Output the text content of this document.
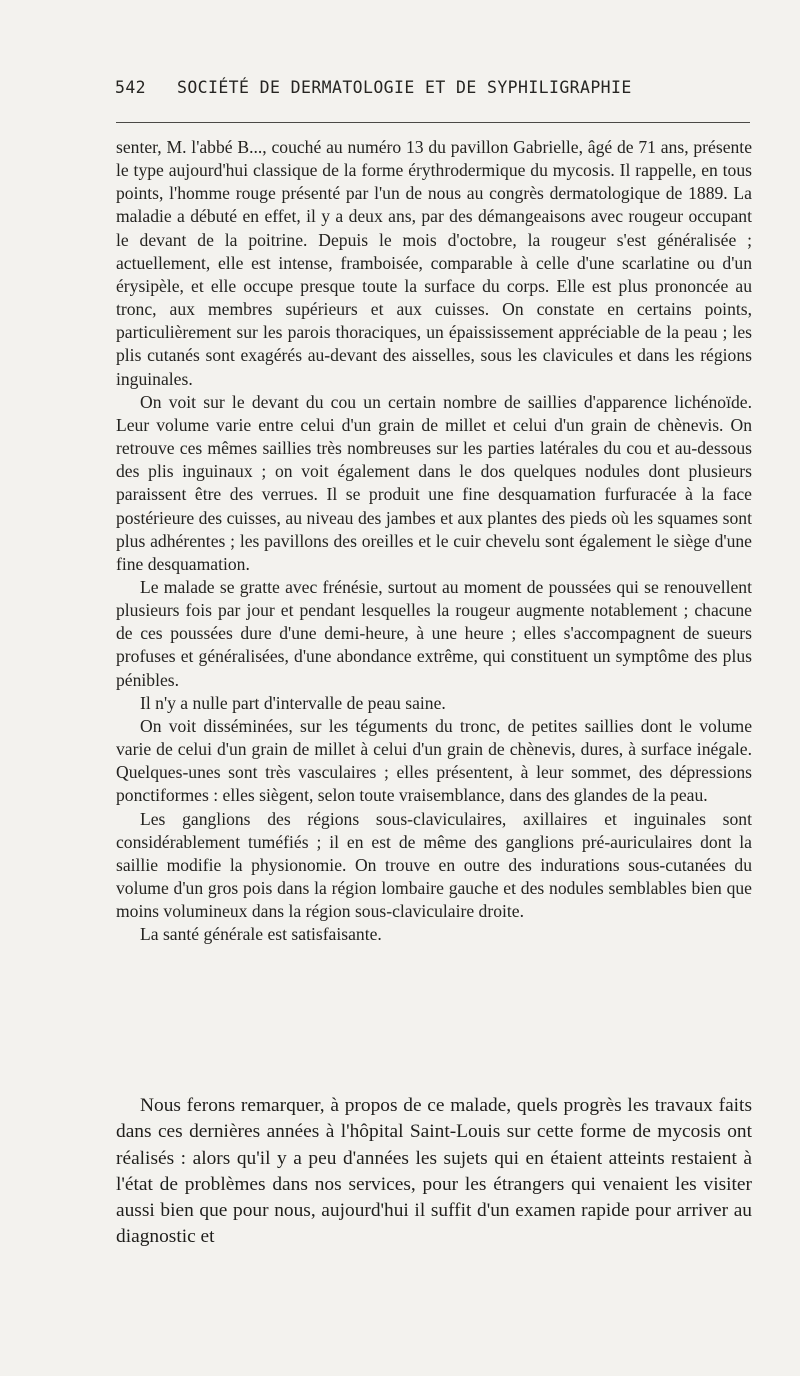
542 SOCIÉTÉ DE DERMATOLOGIE ET DE SYPHILIGRAPHIE

senter, M. l'abbé B..., couché au numéro 13 du pavillon Gabrielle, âgé de 71 ans, présente le type aujourd'hui classique de la forme érythrodermique du mycosis. Il rappelle, en tous points, l'homme rouge présenté par l'un de nous au congrès dermatologique de 1889. La maladie a débuté en effet, il y a deux ans, par des démangeaisons avec rougeur occupant le devant de la poitrine. Depuis le mois d'octobre, la rougeur s'est généralisée ; actuellement, elle est intense, framboisée, comparable à celle d'une scarlatine ou d'un érysipèle, et elle occupe presque toute la surface du corps. Elle est plus prononcée au tronc, aux membres supérieurs et aux cuisses. On constate en certains points, particulièrement sur les parois thoraciques, un épaississement appréciable de la peau ; les plis cutanés sont exagérés au-devant des aisselles, sous les clavicules et dans les régions inguinales.

On voit sur le devant du cou un certain nombre de saillies d'apparence lichénoïde. Leur volume varie entre celui d'un grain de millet et celui d'un grain de chènevis. On retrouve ces mêmes saillies très nombreuses sur les parties latérales du cou et au-dessous des plis inguinaux ; on voit également dans le dos quelques nodules dont plusieurs paraissent être des verrues. Il se produit une fine desquamation furfuracée à la face postérieure des cuisses, au niveau des jambes et aux plantes des pieds où les squames sont plus adhérentes ; les pavillons des oreilles et le cuir chevelu sont également le siège d'une fine desquamation.

Le malade se gratte avec frénésie, surtout au moment de poussées qui se renouvellent plusieurs fois par jour et pendant lesquelles la rougeur augmente notablement ; chacune de ces poussées dure d'une demi-heure, à une heure ; elles s'accompagnent de sueurs profuses et généralisées, d'une abondance extrême, qui constituent un symptôme des plus pénibles.

Il n'y a nulle part d'intervalle de peau saine.

On voit disséminées, sur les téguments du tronc, de petites saillies dont le volume varie de celui d'un grain de millet à celui d'un grain de chènevis, dures, à surface inégale. Quelques-unes sont très vasculaires ; elles présentent, à leur sommet, des dépressions ponctiformes : elles siègent, selon toute vraisemblance, dans des glandes de la peau.

Les ganglions des régions sous-claviculaires, axillaires et inguinales sont considérablement tuméfiés ; il en est de même des ganglions pré-auriculaires dont la saillie modifie la physionomie. On trouve en outre des indurations sous-cutanées du volume d'un gros pois dans la région lombaire gauche et des nodules semblables bien que moins volumineux dans la région sous-claviculaire droite.

La santé générale est satisfaisante.

Nous ferons remarquer, à propos de ce malade, quels progrès les travaux faits dans ces dernières années à l'hôpital Saint-Louis sur cette forme de mycosis ont réalisés : alors qu'il y a peu d'années les sujets qui en étaient atteints restaient à l'état de problèmes dans nos services, pour les étrangers qui venaient les visiter aussi bien que pour nous, aujourd'hui il suffit d'un examen rapide pour arriver au diagnostic et
